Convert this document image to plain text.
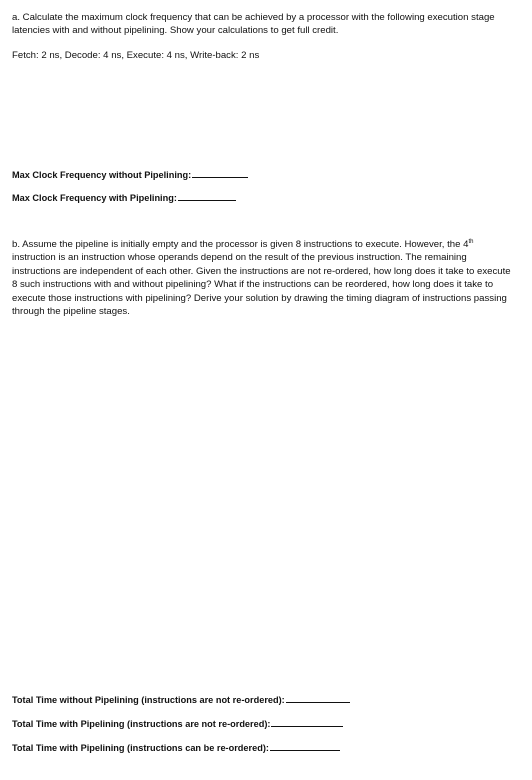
a. Calculate the maximum clock frequency that can be achieved by a processor with the following execution stage latencies with and without pipelining. Show your calculations to get full credit.

Fetch: 2 ns, Decode: 4 ns, Execute: 4 ns, Write-back: 2 ns

Max Clock Frequency without Pipelining:

Max Clock Frequency with Pipelining:

b. Assume the pipeline is initially empty and the processor is given 8 instructions to execute. However, the 4th instruction is an instruction whose operands depend on the result of the previous instruction. The remaining instructions are independent of each other. Given the instructions are not re-ordered, how long does it take to execute 8 such instructions with and without pipelining? What if the instructions can be reordered, how long does it take to execute those instructions with pipelining? Derive your solution by drawing the timing diagram of instructions passing through the pipeline stages.

Total Time without Pipelining (instructions are not re-ordered):

Total Time with Pipelining (instructions are not re-ordered):

Total Time with Pipelining (instructions can be re-ordered):
